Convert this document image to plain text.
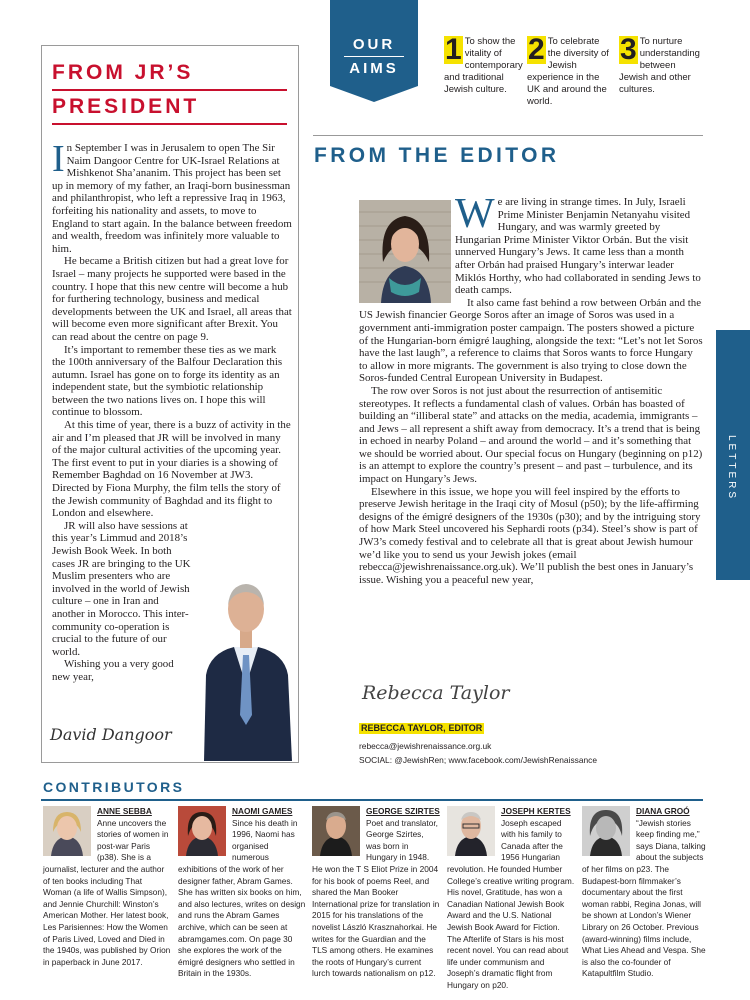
OUR
AIMS
1 To show the vitality of contemporary and traditional Jewish culture.
2 To celebrate the diversity of Jewish experience in the UK and around the world.
3 To nurture understanding between Jewish and other cultures.
FROM JR’S
PRESIDENT

In September I was in Jerusalem to open The Sir Naim Dangoor Centre for UK-Israel Relations at Mishkenot Sha’ananim. This project has been set up in memory of my father, an Iraqi-born businessman and philanthropist, who left a repressive Iraq in 1963, forfeiting his nationality and assets, to move to England to start again. In the balance between freedom and wealth, freedom was infinitely more valuable to him.

He became a British citizen but had a great love for Israel – many projects he supported were based in the country. I hope that this new centre will become a hub for furthering technology, business and medical developments between the UK and Israel, all areas that will become even more significant after Brexit. You can read about the centre on page 9.

It’s important to remember these ties as we mark the 100th anniversary of the Balfour Declaration this autumn. Israel has gone on to forge its identity as an independent state, but the symbiotic relationship between the two nations lives on. I hope this will continue to blossom.

At this time of year, there is a buzz of activity in the air and I’m pleased that JR will be involved in many of the major cultural activities of the upcoming year. The first event to put in your diaries is a showing of Remember Baghdad on 16 November at JW3. Directed by Fiona Murphy, the film tells the story of the Jewish community of Baghdad and its flight to London and elsewhere.

JR will also have sessions at this year’s Limmud and 2018’s Jewish Book Week. In both cases JR are bringing to the UK Muslim presenters who are involved in the world of Jewish culture – one in Iran and another in Morocco. This inter-community co-operation is crucial to the future of our world.

Wishing you a very good new year,

David Dangoor
FROM THE EDITOR

We are living in strange times. In July, Israeli Prime Minister Benjamin Netanyahu visited Hungary, and was warmly greeted by Hungarian Prime Minister Viktor Orbán. But the visit unnerved Hungary’s Jews. It came less than a month after Orbán had praised Hungary’s interwar leader Miklós Horthy, who had collaborated in sending Jews to death camps.

It also came fast behind a row between Orbán and the US Jewish financier George Soros after an image of Soros was used in a government anti-immigration poster campaign. The posters showed a picture of the Hungarian-born émigré laughing, alongside the text: “Let’s not let Soros have the last laugh”, a reference to claims that Soros wants to force Hungary to allow in more migrants. The government is also trying to close down the Soros-funded Central European University in Budapest.

The row over Soros is not just about the resurrection of antisemitic stereotypes. It reflects a fundamental clash of values. Orbán has boasted of building an “illiberal state” and attacks on the media, academia, immigrants – and Jews – all represent a shift away from democracy. It’s a trend that is being in echoed in nearby Poland – and around the world – and it’s something that we should be worried about. Our special focus on Hungary (beginning on p12) is an attempt to explore the country’s present – and past – turbulence, and its impact on Hungary’s Jews.

Elsewhere in this issue, we hope you will feel inspired by the efforts to preserve Jewish heritage in the Iraqi city of Mosul (p50); by the life-affirming designs of the émigré designers of the 1930s (p30); and by the intriguing story of how Mark Steel uncovered his Sephardi roots (p34). Steel’s show is part of JW3’s comedy festival and to celebrate all that is great about Jewish humour we’d like you to send us your Jewish jokes (email rebecca@jewishrenaissance.org.uk). We’ll publish the best ones in January’s issue. Wishing you a peaceful new year,

Rebecca Taylor
REBECCA TAYLOR, EDITOR
rebecca@jewishrenaissance.org.uk
SOCIAL: @JewishRen; www.facebook.com/JewishRenaissance
LETTERS
CONTRIBUTORS

ANNE SEBBA

Anne uncovers the stories of women in post-war Paris (p38). She is a journalist, lecturer and the author of ten books including That Woman (a life of Wallis Simpson), and Jennie Churchill: Winston’s American Mother. Her latest book, Les Parisiennes: How the Women of Paris Lived, Loved and Died in the 1940s, was published by Orion in paperback in June 2017.

NAOMI GAMES

Since his death in 1996, Naomi has organised numerous exhibitions of the work of her designer father, Abram Games. She has written six books on him, and also lectures, writes on design and runs the Abram Games archive, which can be seen at abramgames.com. On page 30 she explores the work of the émigré designers who settled in Britain in the 1930s.

GEORGE SZIRTES

Poet and translator, George Szirtes, was born in Hungary in 1948. He won the T S Eliot Prize in 2004 for his book of poems Reel, and shared the Man Booker International prize for translation in 2015 for his translations of the novelist László Krasznahorkai. He writes for the Guardian and the TLS among others. He examines the roots of Hungary’s current lurch towards nationalism on p12.

JOSEPH KERTES

Joseph escaped with his family to Canada after the 1956 Hungarian revolution. He founded Humber College’s creative writing program. His novel, Gratitude, has won a Canadian National Jewish Book Award and the U.S. National Jewish Book Award for Fiction. The Afterlife of Stars is his most recent novel. You can read about life under communism and Joseph’s dramatic flight from Hungary on p20.

DIANA GROÓ

“Jewish stories keep finding me,” says Diana, talking about the subjects of her films on p23. The Budapest-born filmmaker’s documentary about the first woman rabbi, Regina Jonas, will be shown at London’s Wiener Library on 26 October. Previous (award-winning) films include, What Lies Ahead and Vespa. She is also the co-founder of Katapultfilm Studio.
